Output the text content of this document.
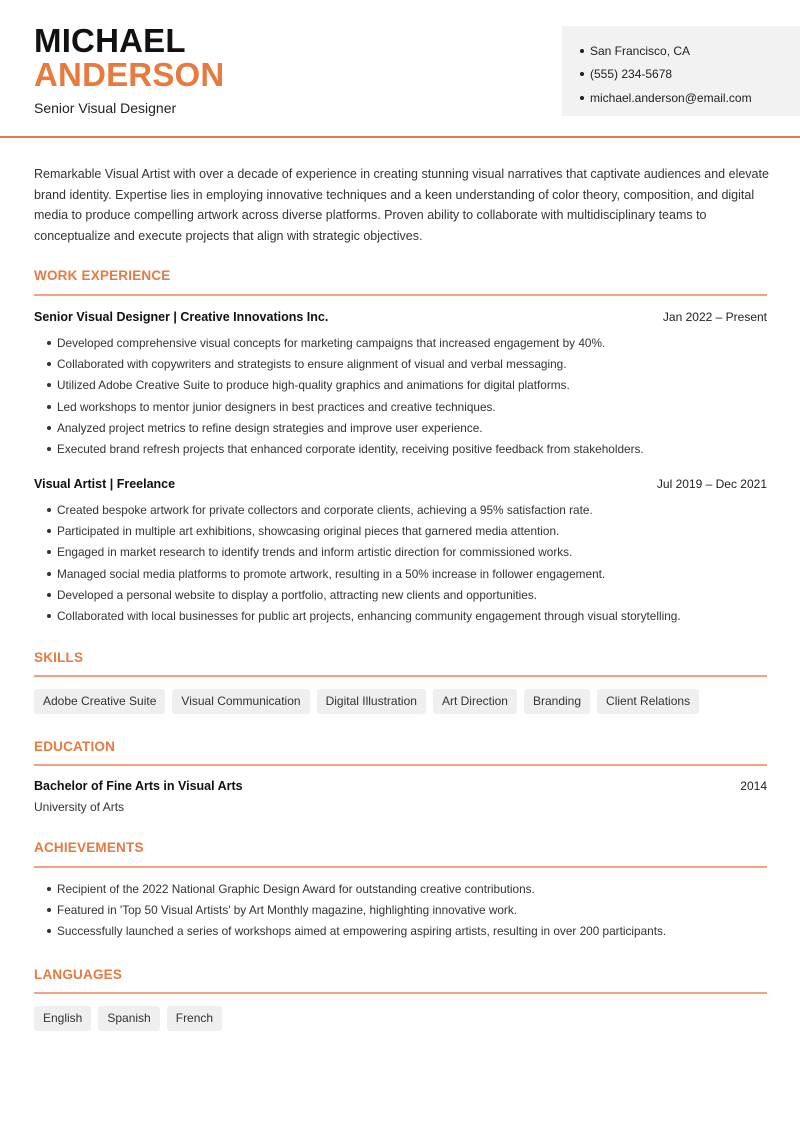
MICHAEL
ANDERSON
Senior Visual Designer
San Francisco, CA
(555) 234-5678
michael.anderson@email.com
Remarkable Visual Artist with over a decade of experience in creating stunning visual narratives that captivate audiences and elevate brand identity. Expertise lies in employing innovative techniques and a keen understanding of color theory, composition, and digital media to produce compelling artwork across diverse platforms. Proven ability to collaborate with multidisciplinary teams to conceptualize and execute projects that align with strategic objectives.
WORK EXPERIENCE
Senior Visual Designer | Creative Innovations Inc.	Jan 2022 – Present
Developed comprehensive visual concepts for marketing campaigns that increased engagement by 40%.
Collaborated with copywriters and strategists to ensure alignment of visual and verbal messaging.
Utilized Adobe Creative Suite to produce high-quality graphics and animations for digital platforms.
Led workshops to mentor junior designers in best practices and creative techniques.
Analyzed project metrics to refine design strategies and improve user experience.
Executed brand refresh projects that enhanced corporate identity, receiving positive feedback from stakeholders.
Visual Artist | Freelance	Jul 2019 – Dec 2021
Created bespoke artwork for private collectors and corporate clients, achieving a 95% satisfaction rate.
Participated in multiple art exhibitions, showcasing original pieces that garnered media attention.
Engaged in market research to identify trends and inform artistic direction for commissioned works.
Managed social media platforms to promote artwork, resulting in a 50% increase in follower engagement.
Developed a personal website to display a portfolio, attracting new clients and opportunities.
Collaborated with local businesses for public art projects, enhancing community engagement through visual storytelling.
SKILLS
Adobe Creative Suite	Visual Communication	Digital Illustration	Art Direction	Branding	Client Relations
EDUCATION
Bachelor of Fine Arts in Visual Arts	2014
University of Arts
ACHIEVEMENTS
Recipient of the 2022 National Graphic Design Award for outstanding creative contributions.
Featured in 'Top 50 Visual Artists' by Art Monthly magazine, highlighting innovative work.
Successfully launched a series of workshops aimed at empowering aspiring artists, resulting in over 200 participants.
LANGUAGES
English	Spanish	French
